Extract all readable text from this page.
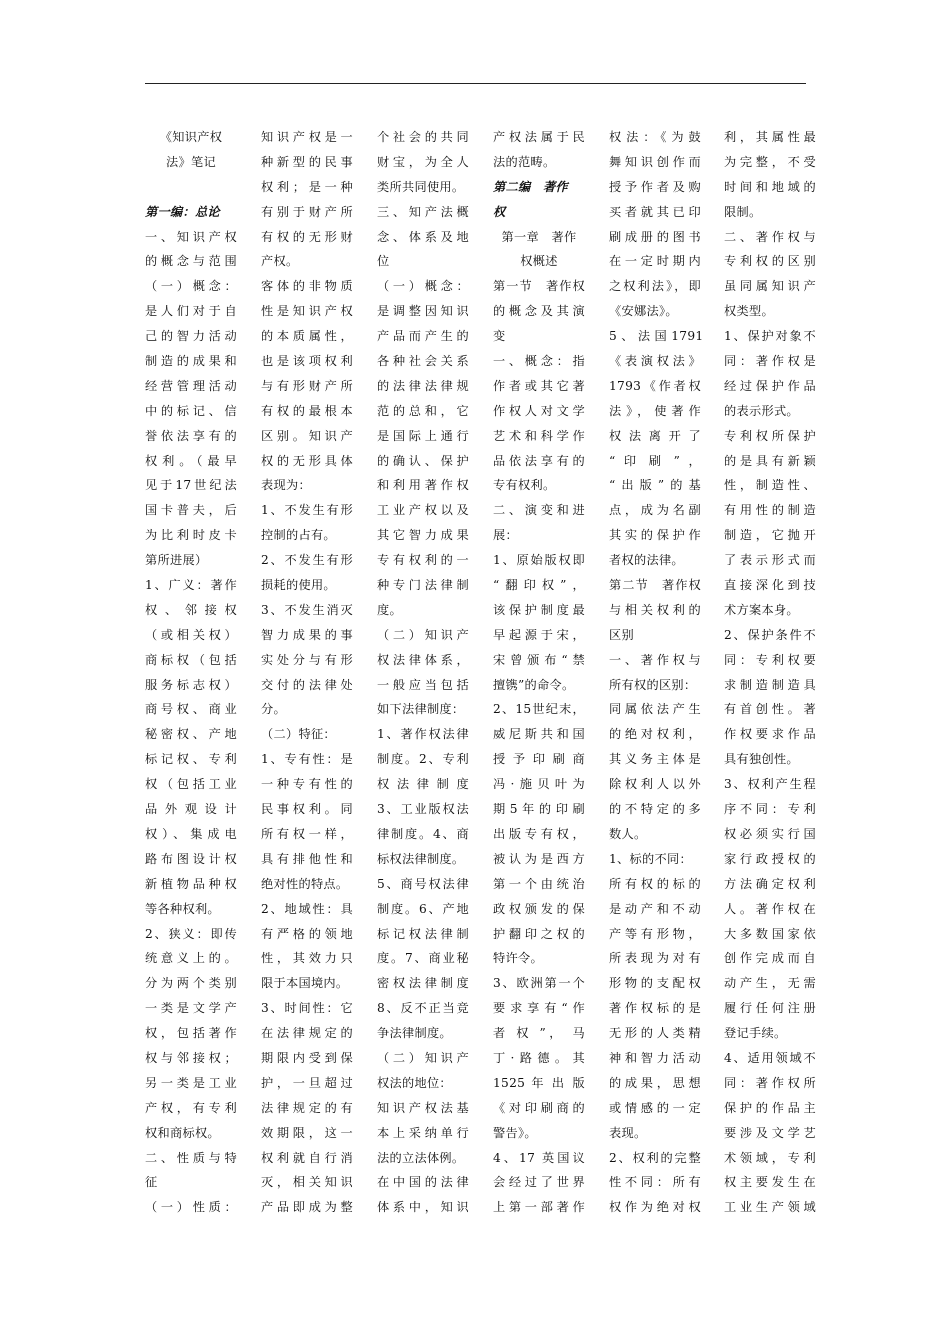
《知识产权
法》笔记
第一编：总论
一、知识产权
的概念与范围
（一）概念：
是人们对于自
己的智力活动
制造的成果和
经营管理活动
中的标记、信
誉依法享有的
权利。（最早
见于17世纪法
国卡普夫，后
为比利时皮卡
第所进展）
1、广义：著作
权 、 邻 接 权
（或相关权）
商标权（包括
服务标志权）
商号权、商业
秘密权、产地
标记权、专利
权（包括工业
品 外 观 设 计
权）、集成电
路布图设计权
新植物品种权
等各种权利。
2、狭义：即传
统意义上的。
分为两个类别
一类是文学产
权，包括著作
权与邻接权；
另一类是工业
产权，有专利
权和商标权。
二、性质与特
征
（一）性质：
知识产权是一
种新型的民事
权利；是一种
有别于财产所
有权的无形财
产权。
客体的非物质
性是知识产权
的本质属性，
也是该项权利
与有形财产所
有权的最根本
区别。知识产
权的无形具体
表现为：
1、不发生有形
控制的占有。
2、不发生有形
损耗的使用。
3、不发生消灭
智力成果的事
实处分与有形
交付的法律处
分。
（二）特征：
1、专有性：是
一种专有性的
民事权利。同
所有权一样，
具有排他性和
绝对性的特点。
2、地域性：具
有严格的领地
性，其效力只
限于本国境内。
3、时间性：它
在法律规定的
期限内受到保
护，一旦超过
法律规定的有
效期限，这一
权利就自行消
灭，相关知识
产品即成为整
个社会的共同
财宝，为全人
类所共同使用。
三、知产法概
念、体系及地
位
（一）概念：
是调整因知识
产品而产生的
各种社会关系
的法律法律规
范的总和，它
是国际上通行
的确认、保护
和利用著作权
工业产权以及
其它智力成果
专有权利的一
种专门法律制
度。
（二）知识产
权法律体系，
一般应当包括
如下法律制度：
1、著作权法律
制度。2、专利
权 法 律 制 度
3、工业版权法
律制度。4、商
标权法律制度。
5、商号权法律
制度。6、产地
标记权法律制
度。7、商业秘
密权法律制度
8、反不正当竞
争法律制度。
（二）知识产
权法的地位：
知识产权法基
本上采纳单行
法的立法体例。
在中国的法律
体系中，知识
产权法属于民
法的范畴。
第二编　著作
权
第一章　著作
权概述
第一节　著作权
的概念及其演
变
一、概念：指
作者或其它著
作权人对文学
艺术和科学作
品依法享有的
专有权利。
二、演变和进
展：
1、原始版权即
“翻印权”，
该保护制度最
早起源于宋，
宋曾颁布“禁
擅镌”的命令。
2、15世纪末，
威尼斯共和国
授 予 印 刷 商
冯·施贝叶为
期5年的印刷
出版专有权，
被认为是西方
第一个由统治
政权颁发的保
护翻印之权的
特许令。
3、欧洲第一个
要求享有“作
者 权 ”， 马
丁·路德。其
1525 年 出 版
《对印刷商的
警告》。
4、17 英国议
会经过了世界
上第一部著作
权法：《为鼓
舞知识创作而
授予作者及购
买者就其已印
刷成册的图书
在一定时期内
之权利法》，即
《安娜法》。
5 、 法 国 1791
《表演权法》
1793《作者权
法》，使著作
权 法 离 开 了
“ 印 刷 ” ，
“出版”的基
点，成为名副
其实的保护作
者权的法律。
第二节　著作权
与相关权利的
区别
一、著作权与
所有权的区别：
同属依法产生
的绝对权利，
其义务主体是
除权利人以外
的不特定的多
数人。
1、标的不同：
所有权的标的
是动产和不动
产等有形物，
所表现为对有
形物的支配权
著作权标的是
无形的人类精
神和智力活动
的成果，思想
或情感的一定
表现。
2、权利的完整
性不同：所有
权作为绝对权
利，其属性最
为完整，不受
时间和地域的
限制。
二、著作权与
专利权的区别
虽同属知识产
权类型。
1、保护对象不
同：著作权是
经过保护作品
的表示形式。
专利权所保护
的是具有新颖
性，制造性、
有用性的制造
制造，它抛开
了表示形式而
直接深化到技
术方案本身。
2、保护条件不
同：专利权要
求制造制造具
有首创性。著
作权要求作品
具有独创性。
3、权利产生程
序不同：专利
权必须实行国
家行政授权的
方法确定权利
人。著作权在
大多数国家依
创作完成而自
动产生，无需
履行任何注册
登记手续。
4、适用领域不
同：著作权所
保护的作品主
要涉及文学艺
术领域，专利
权主要发生在
工业生产领域
